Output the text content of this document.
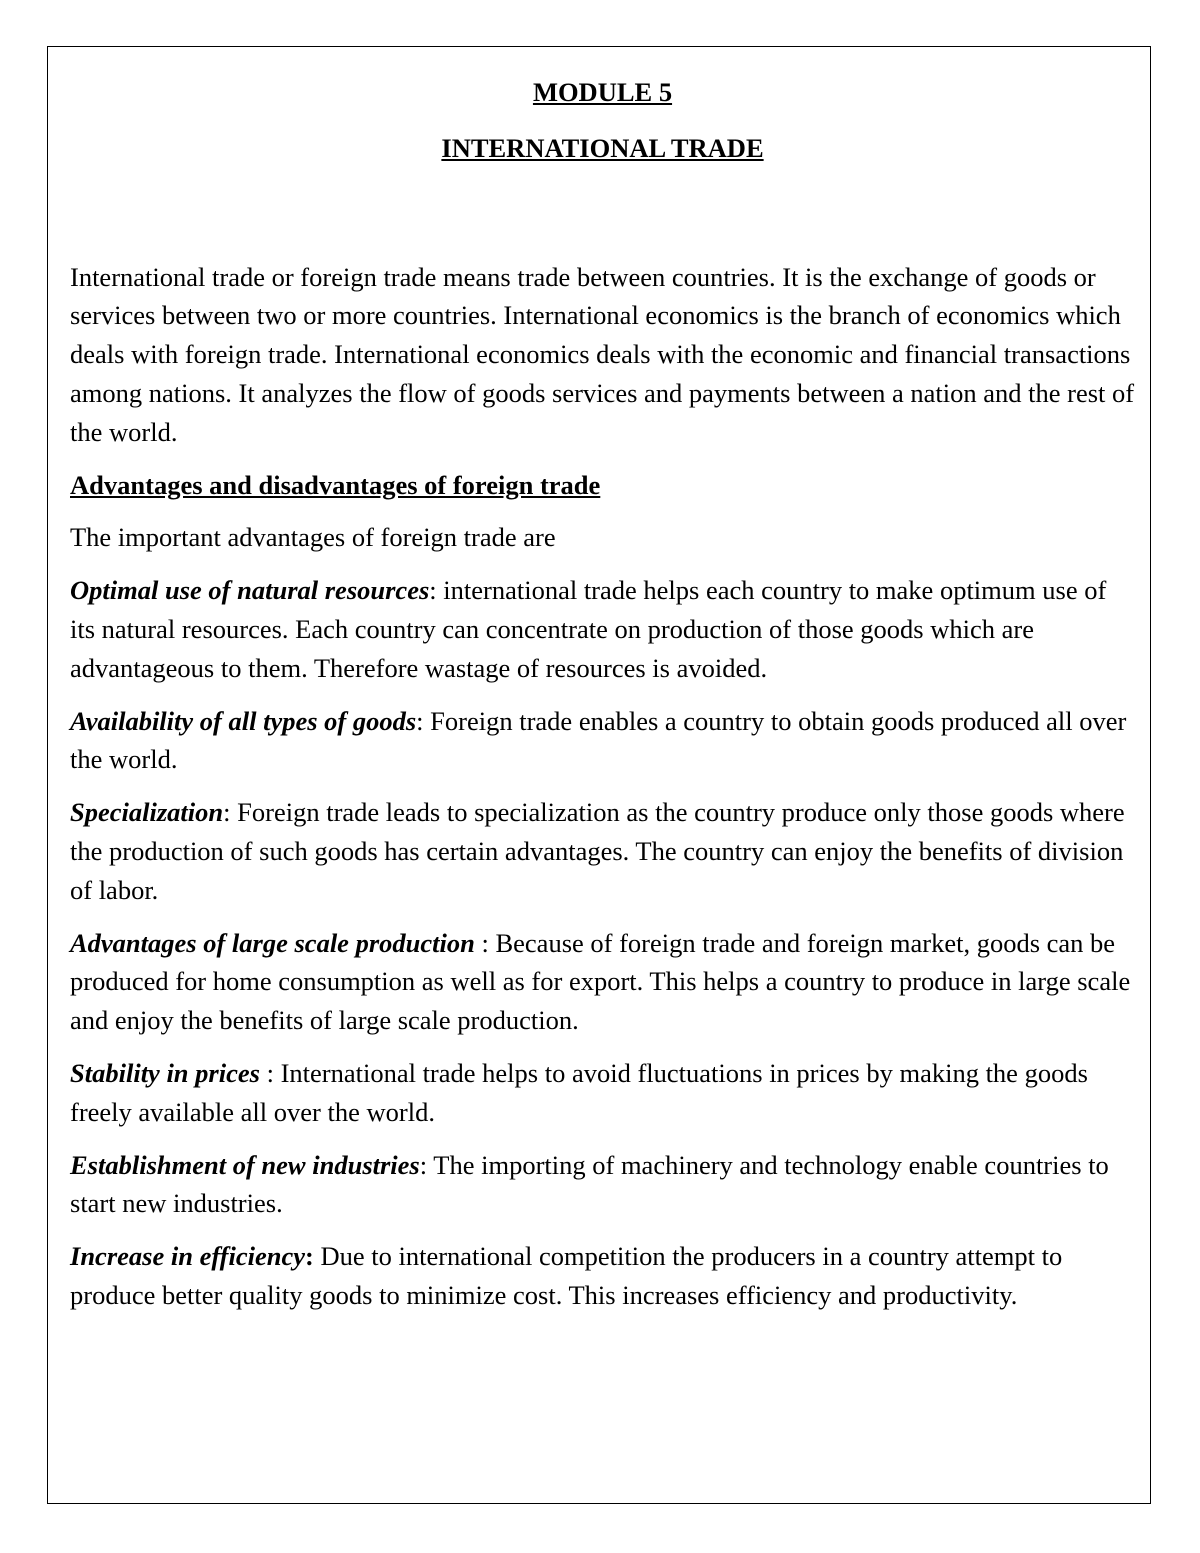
MODULE 5

INTERNATIONAL TRADE

International trade or foreign trade means trade between countries. It is the exchange of goods or services between two or more countries. International economics is the branch of economics which deals with foreign trade. International economics deals with the economic and financial transactions among nations. It analyzes the flow of goods services and payments between a nation and the rest of the world.

Advantages and disadvantages of foreign trade

The important advantages of foreign trade are

Optimal use of natural resources: international trade helps each country to make optimum use of its natural resources. Each country can concentrate on production of those goods which are advantageous to them. Therefore wastage of resources is avoided.

Availability of all types of goods: Foreign trade enables a country to obtain goods produced all over the world.

Specialization: Foreign trade leads to specialization as the country produce only those goods where the production of such goods has certain advantages. The country can enjoy the benefits of division of labor.

Advantages of large scale production : Because of foreign trade and foreign market, goods can be produced for home consumption as well as for export. This helps a country to produce in large scale and enjoy the benefits of large scale production.

Stability in prices : International trade helps to avoid fluctuations in prices by making the goods freely available all over the world.

Establishment of new industries: The importing of machinery and technology enable countries to start new industries.

Increase in efficiency: Due to international competition the producers in a country attempt to produce better quality goods to minimize cost. This increases efficiency and productivity.
